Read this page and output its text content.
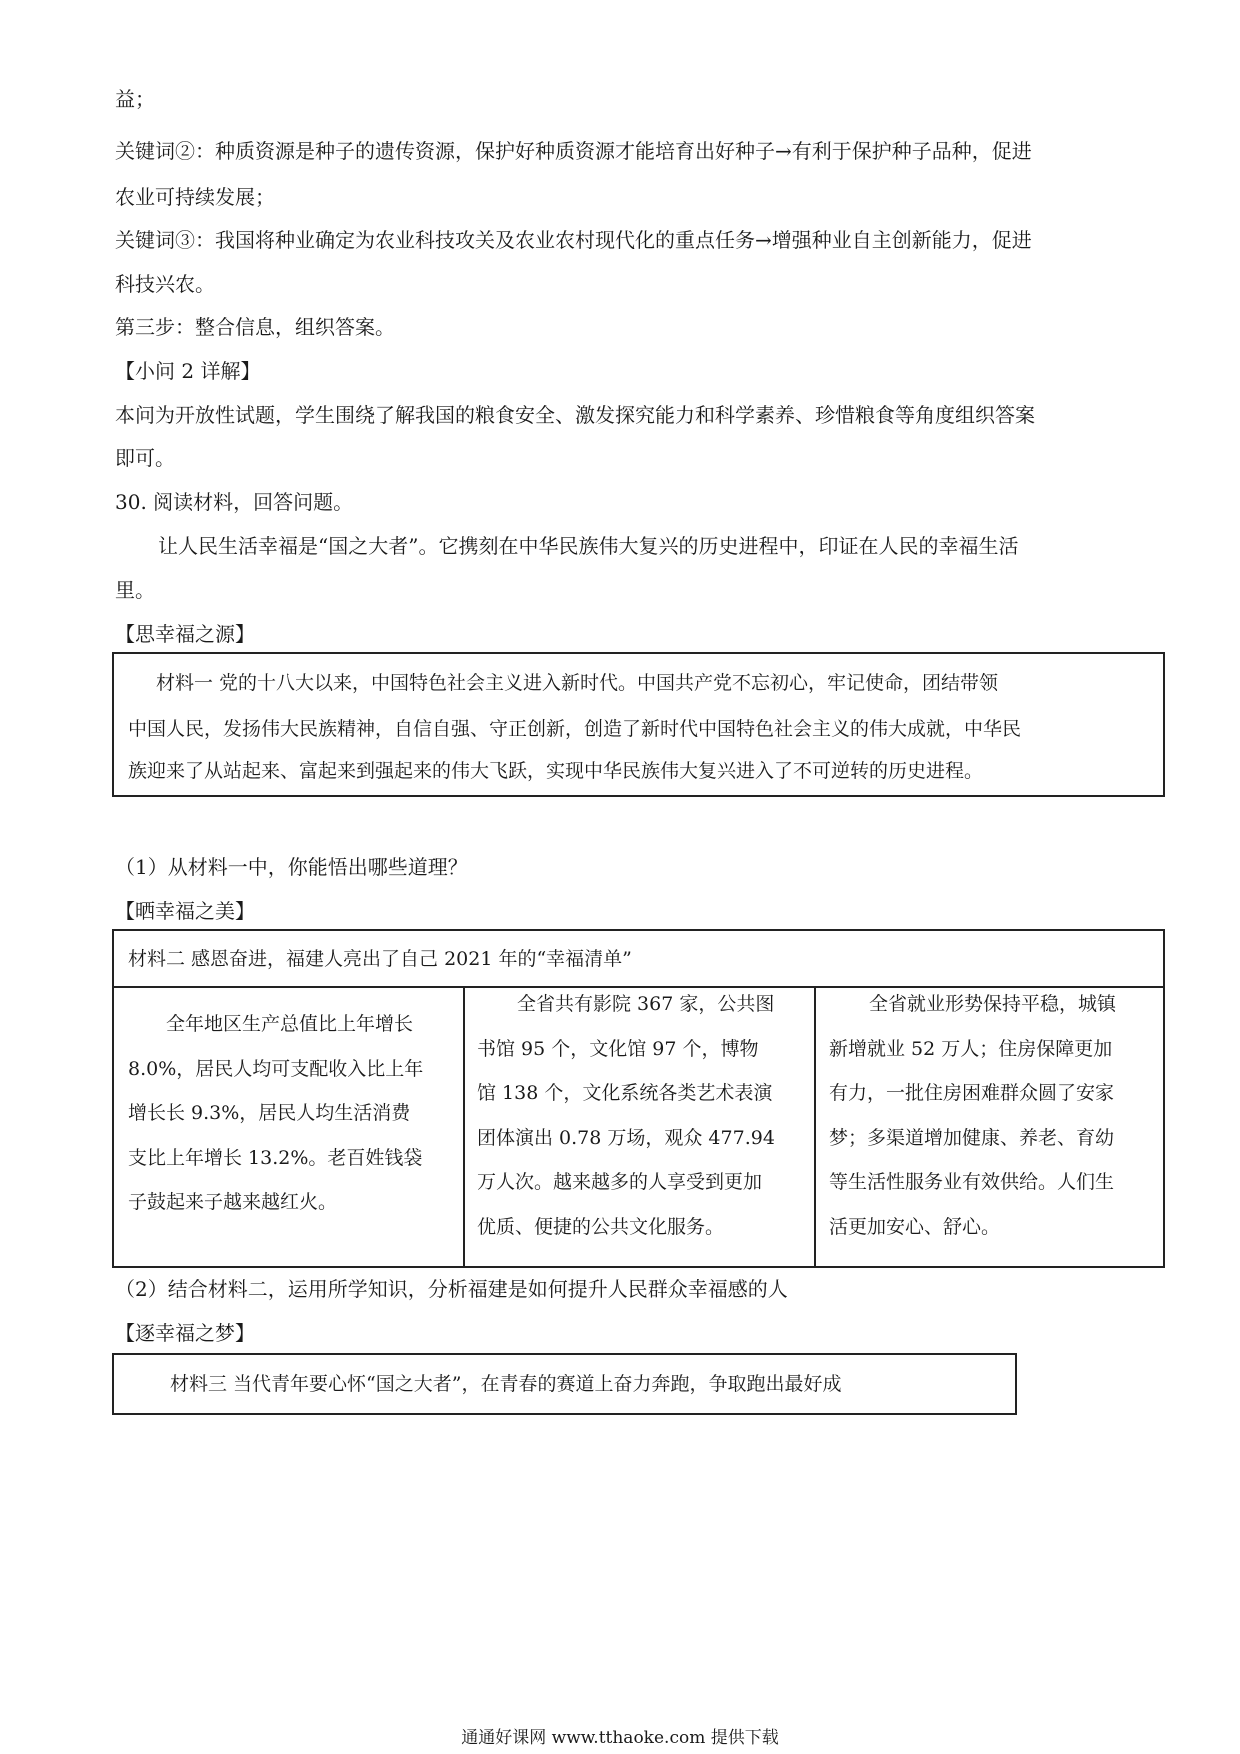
益；
关键词②：种质资源是种子的遗传资源，保护好种质资源才能培育出好种子→有利于保护种子品种，促进
农业可持续发展；
关键词③：我国将种业确定为农业科技攻关及农业农村现代化的重点任务→增强种业自主创新能力，促进
科技兴农。
第三步：整合信息，组织答案。
【小问 2 详解】
本问为开放性试题，学生围绕了解我国的粮食安全、激发探究能力和科学素养、珍惜粮食等角度组织答案
即可。
30. 阅读材料，回答问题。
让人民生活幸福是“国之大者”。它携刻在中华民族伟大复兴的历史进程中，印证在人民的幸福生活
里。
【思幸福之源】
材料一 党的十八大以来，中国特色社会主义进入新时代。中国共产党不忘初心，牢记使命，团结带领
中国人民，发扬伟大民族精神，自信自强、守正创新，创造了新时代中国特色社会主义的伟大成就，中华民
族迎来了从站起来、富起来到强起来的伟大飞跃，实现中华民族伟大复兴进入了不可逆转的历史进程。
（1）从材料一中，你能悟出哪些道理？
【晒幸福之美】
材料二 感恩奋进，福建人亮出了自己 2021 年的“幸福清单”
全年地区生产总值比上年增长
8.0%，居民人均可支配收入比上年
增长长 9.3%，居民人均生活消费
支比上年增长 13.2%。老百姓钱袋
子鼓起来子越来越红火。
全省共有影院 367 家，公共图
书馆 95 个，文化馆 97 个，博物
馆 138 个，文化系统各类艺术表演
团体演出 0.78 万场，观众 477.94
万人次。越来越多的人享受到更加
优质、便捷的公共文化服务。
全省就业形势保持平稳，城镇
新增就业 52 万人；住房保障更加
有力，一批住房困难群众圆了安家
梦；多渠道增加健康、养老、育幼
等生活性服务业有效供给。人们生
活更加安心、舒心。
（2）结合材料二，运用所学知识，分析福建是如何提升人民群众幸福感的人
【逐幸福之梦】
材料三 当代青年要心怀“国之大者”，在青春的赛道上奋力奔跑，争取跑出最好成
通通好课网 www.tthaoke.com 提供下载
